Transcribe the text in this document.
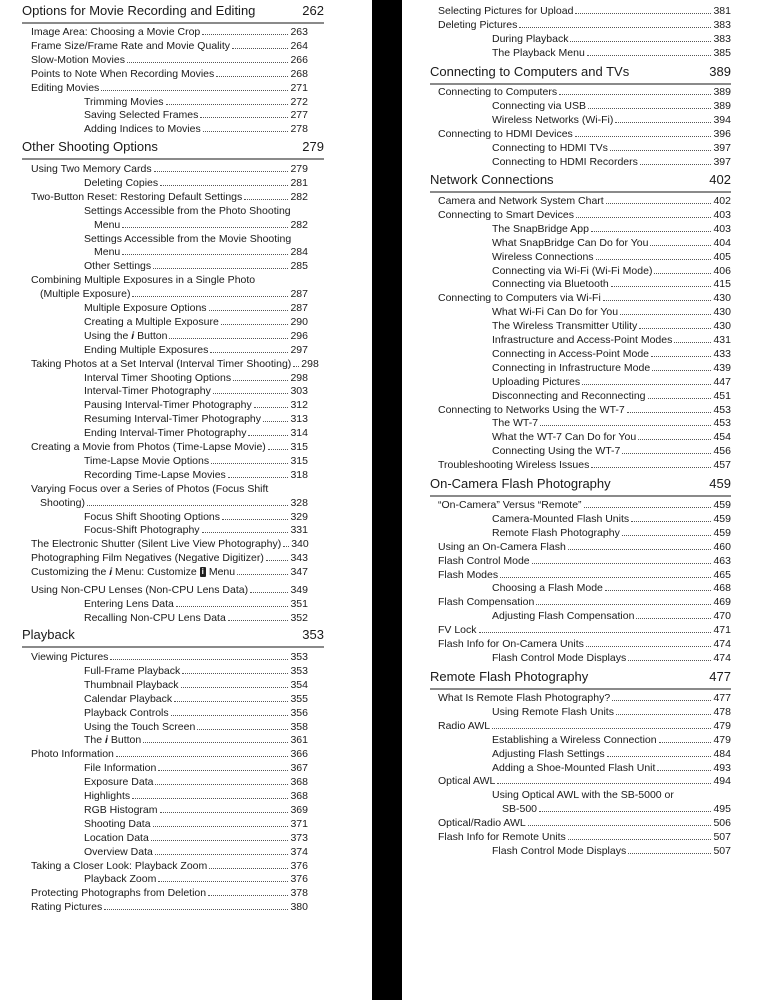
Options for Movie Recording and Editing	262
Image Area: Choosing a Movie Crop	263
Frame Size/Frame Rate and Movie Quality	264
Slow-Motion Movies	266
Points to Note When Recording Movies	268
Editing Movies	271
Trimming Movies	272
Saving Selected Frames	277
Adding Indices to Movies	278
Other Shooting Options	279
Using Two Memory Cards	279
Deleting Copies	281
Two-Button Reset: Restoring Default Settings	282
Settings Accessible from the Photo Shooting
Menu	282
Settings Accessible from the Movie Shooting
Menu	284
Other Settings	285
Combining Multiple Exposures in a Single Photo
(Multiple Exposure)	287
Multiple Exposure Options	287
Creating a Multiple Exposure	290
Using the i Button	296
Ending Multiple Exposures	297
Taking Photos at a Set Interval (Interval Timer Shooting) 298
Interval Timer Shooting Options	298
Interval-Timer Photography	303
Pausing Interval-Timer Photography	312
Resuming Interval-Timer Photography	313
Ending Interval-Timer Photography	314
Creating a Movie from Photos (Time-Lapse Movie) 315
Time-Lapse Movie Options	315
Recording Time-Lapse Movies	318
Varying Focus over a Series of Photos (Focus Shift
Shooting)	328
Focus Shift Shooting Options	329
Focus-Shift Photography	331
The Electronic Shutter (Silent Live View Photography) 340
Photographing Film Negatives (Negative Digitizer)	343
Customizing the i Menu: Customize i Menu	347
Using Non-CPU Lenses (Non-CPU Lens Data)	349
Entering Lens Data	351
Recalling Non-CPU Lens Data	352
Playback	353
Viewing Pictures	353
Full-Frame Playback	353
Thumbnail Playback	354
Calendar Playback	355
Playback Controls	356
Using the Touch Screen	358
The i Button	361
Photo Information	366
File Information	367
Exposure Data	368
Highlights	368
RGB Histogram	369
Shooting Data	371
Location Data	373
Overview Data	374
Taking a Closer Look: Playback Zoom	376
Playback Zoom	376
Protecting Photographs from Deletion	378
Rating Pictures	380
Selecting Pictures for Upload	381
Deleting Pictures	383
During Playback	383
The Playback Menu	385
Connecting to Computers and TVs	389
Connecting to Computers	389
Connecting via USB	389
Wireless Networks (Wi-Fi)	394
Connecting to HDMI Devices	396
Connecting to HDMI TVs	397
Connecting to HDMI Recorders	397
Network Connections	402
Camera and Network System Chart	402
Connecting to Smart Devices	403
The SnapBridge App	403
What SnapBridge Can Do for You	404
Wireless Connections	405
Connecting via Wi-Fi (Wi-Fi Mode)	406
Connecting via Bluetooth	415
Connecting to Computers via Wi-Fi	430
What Wi-Fi Can Do for You	430
The Wireless Transmitter Utility	430
Infrastructure and Access-Point Modes	431
Connecting in Access-Point Mode	433
Connecting in Infrastructure Mode	439
Uploading Pictures	447
Disconnecting and Reconnecting	451
Connecting to Networks Using the WT-7	453
The WT-7	453
What the WT-7 Can Do for You	454
Connecting Using the WT-7	456
Troubleshooting Wireless Issues	457
On-Camera Flash Photography	459
“On-Camera” Versus “Remote”	459
Camera-Mounted Flash Units	459
Remote Flash Photography	459
Using an On-Camera Flash	460
Flash Control Mode	463
Flash Modes	465
Choosing a Flash Mode	468
Flash Compensation	469
Adjusting Flash Compensation	470
FV Lock	471
Flash Info for On-Camera Units	474
Flash Control Mode Displays	474
Remote Flash Photography	477
What Is Remote Flash Photography?	477
Using Remote Flash Units	478
Radio AWL	479
Establishing a Wireless Connection	479
Adjusting Flash Settings	484
Adding a Shoe-Mounted Flash Unit	493
Optical AWL	494
Using Optical AWL with the SB-5000 or
SB-500	495
Optical/Radio AWL	506
Flash Info for Remote Units	507
Flash Control Mode Displays	507
